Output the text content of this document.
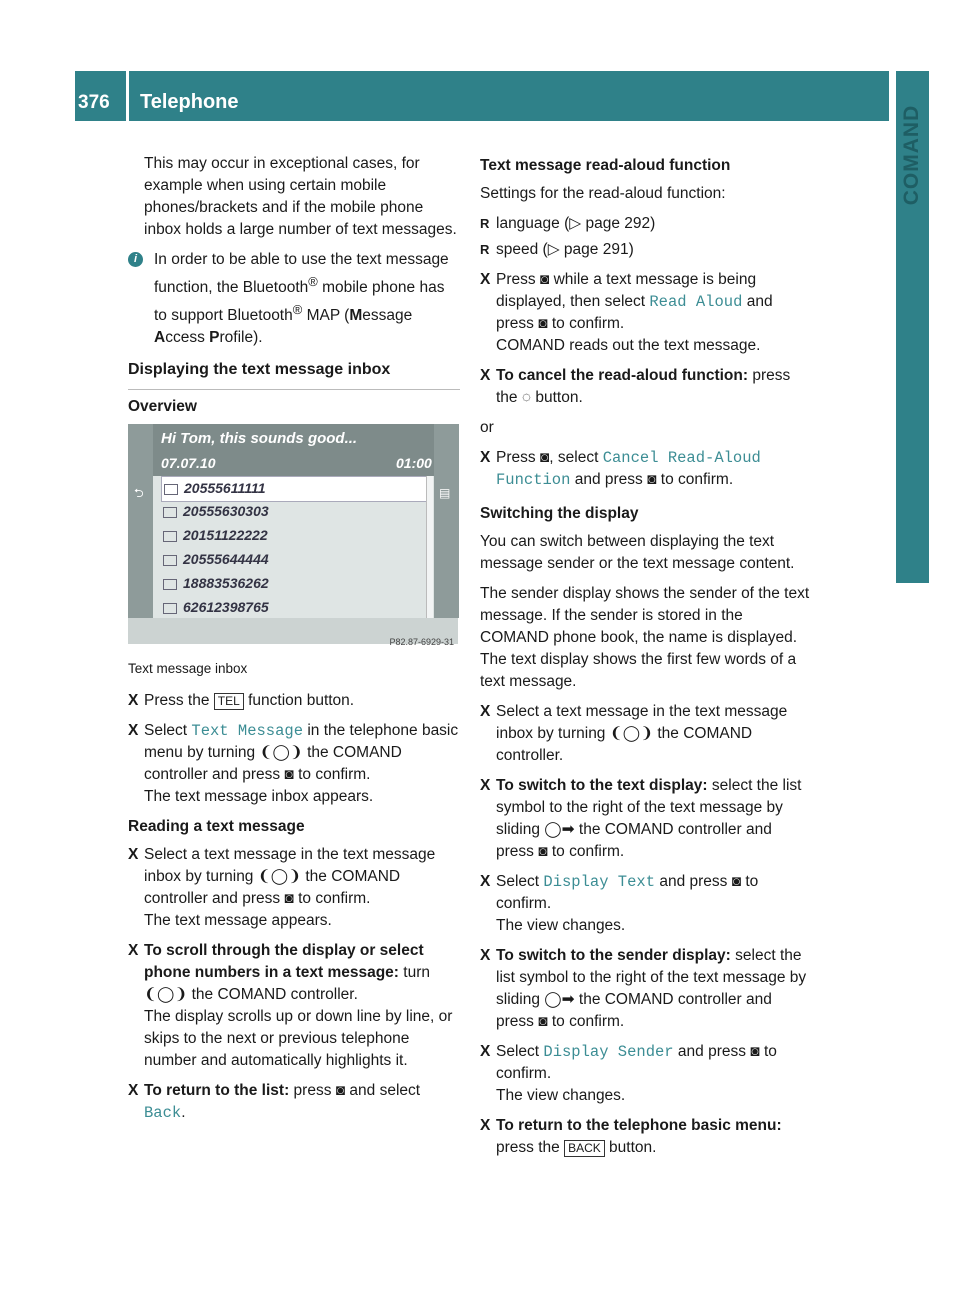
376 Telephone
COMAND

This may occur in exceptional cases, for example when using certain mobile phones/brackets and if the mobile phone inbox holds a large number of text messages.

i	In order to be able to use the text message function, the Bluetooth® mobile phone has to support Bluetooth® MAP (Message Access Profile).
Displaying the text message inbox
Overview
⮌	▤
Hi Tom, this sounds good...
07.07.10	01:00
20555611111
20555630303
20151122222
20555644444
18883536262
62612398765
P82.87-6929-31

Text message inbox

X Press the TEL function button.
X Select Text Message in the telephone basic menu by turning ❨◯❩ the COMAND controller and press ◙ to confirm.
The text message inbox appears.
Reading a text message
X Select a text message in the text message inbox by turning ❨◯❩ the COMAND controller and press ◙ to confirm.
The text message appears.
X To scroll through the display or select phone numbers in a text message: turn ❨◯❩ the COMAND controller.
The display scrolls up or down line by line, or skips to the next or previous telephone number and automatically highlights it.
X To return to the list: press ◙ and select Back.
Text message read-aloud function

Settings for the read-aloud function:

R language (▷ page 292)
R speed (▷ page 291)
X Press ◙ while a text message is being displayed, then select Read Aloud and press ◙ to confirm.
COMAND reads out the text message.
X To cancel the read-aloud function: press the ◌ button.

or

X Press ◙, select Cancel Read-Aloud Function and press ◙ to confirm.
Switching the display

You can switch between displaying the text message sender or the text message content.

The sender display shows the sender of the text message. If the sender is stored in the COMAND phone book, the name is displayed. The text display shows the first few words of a text message.

X Select a text message in the text message inbox by turning ❨◯❩ the COMAND controller.
X To switch to the text display: select the list symbol to the right of the text message by sliding ◯➡ the COMAND controller and press ◙ to confirm.
X Select Display Text and press ◙ to confirm.
The view changes.
X To switch to the sender display: select the list symbol to the right of the text message by sliding ◯➡ the COMAND controller and press ◙ to confirm.
X Select Display Sender and press ◙ to confirm.
The view changes.
X To return to the telephone basic menu: press the BACK button.
